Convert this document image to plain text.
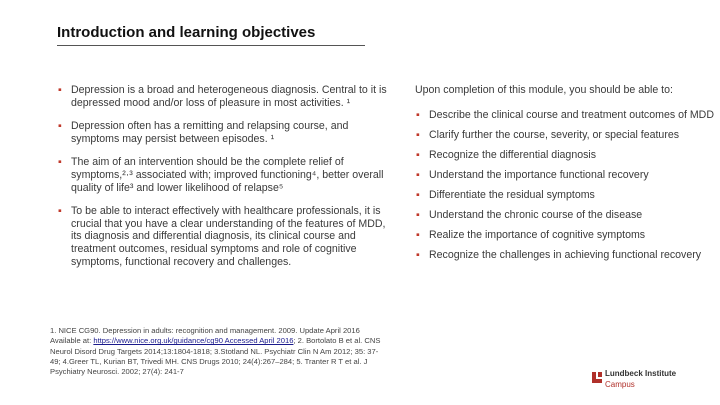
Introduction and learning objectives
▪ Depression is a broad and heterogeneous diagnosis. Central to it is depressed mood and/or loss of pleasure in most activities. ¹
▪ Depression often has a remitting and relapsing course, and symptoms may persist between episodes. ¹
▪ The aim of an intervention should be the complete relief of symptoms,²·³ associated with; improved functioning⁴, better overall quality of life³ and lower likelihood of relapse⁵
▪ To be able to interact effectively with healthcare professionals, it is crucial that you have a clear understanding of the features of MDD, its diagnosis and differential diagnosis, its clinical course and treatment outcomes, residual symptoms and role of cognitive symptoms, functional recovery and challenges.
Upon completion of this module, you should be able to:
▪ Describe the clinical course and treatment outcomes of MDD
▪ Clarify further the course, severity, or special features
▪ Recognize the differential diagnosis
▪ Understand the importance functional recovery
▪ Differentiate the residual symptoms
▪ Understand the chronic course of the disease
▪ Realize the importance of cognitive symptoms
▪ Recognize the challenges in achieving functional recovery
1. NICE CG90. Depression in adults: recognition and management. 2009. Update April 2016 Available at: https://www.nice.org.uk/guidance/cg90 Accessed April 2016; 2. Bortolato B et al. CNS Neurol Disord Drug Targets 2014;13:1804-1818; 3.Stotland NL. Psychiatr Clin N Am 2012; 35: 37-49; 4.Greer TL, Kurian BT, Trivedi MH. CNS Drugs 2010; 24(4):267–284; 5. Tranter R T et al. J Psychiatry Neurosci. 2002; 27(4): 241-7	Lundbeck Institute
Campus
